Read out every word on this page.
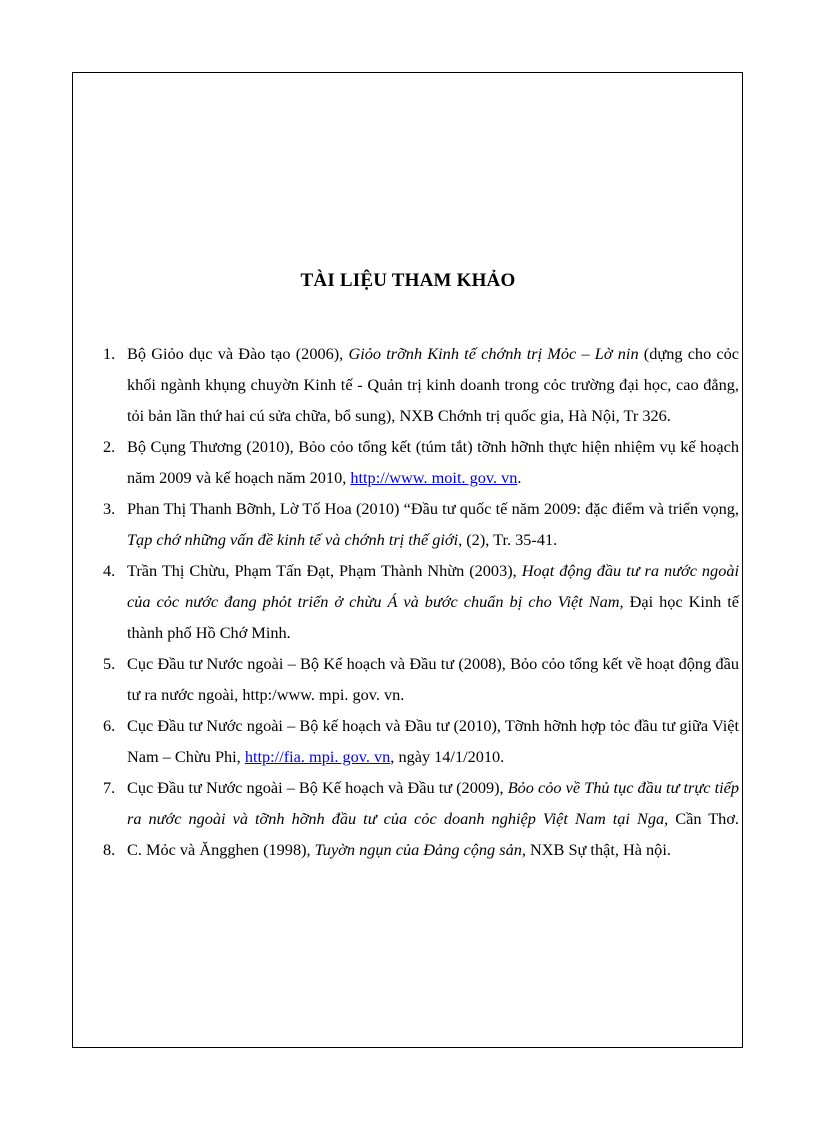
TÀI LIỆU THAM KHẢO
1. Bộ Giỏo dục và Đào tạo (2006), Giỏo trỡnh Kinh tế chớnh trị Mỏc – Lờ nin (dựng cho cỏc khối ngành khụng chuyờn Kinh tế - Quản trị kinh doanh trong cỏc trường đại học, cao đẳng, tỏi bản lần thứ hai cú sửa chữa, bổ sung), NXB Chớnh trị quốc gia, Hà Nội, Tr 326.
2. Bộ Cụng Thương (2010), Bỏo cỏo tổng kết (túm tắt) tỡnh hỡnh thực hiện nhiệm vụ kế hoạch năm 2009 và kế hoạch năm 2010, http://www. moit. gov. vn.
3. Phan Thị Thanh Bỡnh, Lờ Tố Hoa (2010) “Đầu tư quốc tế năm 2009: đặc điểm và triển vọng, Tạp chớ những vấn đề kinh tế và chớnh trị thế giới, (2), Tr. 35-41.
4. Trần Thị Chừu, Phạm Tấn Đạt, Phạm Thành Nhừn (2003), Hoạt động đầu tư ra nước ngoài của cỏc nước đang phỏt triển ở chừu Á và bước chuẩn bị cho Việt Nam, Đại học Kinh tế thành phố Hồ Chớ Minh.
5. Cục Đầu tư Nước ngoài – Bộ Kế hoạch và Đầu tư (2008), Bỏo cỏo tổng kết về hoạt động đầu tư ra nước ngoài, http:/www. mpi. gov. vn.
6. Cục Đầu tư Nước ngoài – Bộ kế hoạch và Đầu tư (2010), Tỡnh hỡnh hợp tỏc đầu tư giữa Việt Nam – Chừu Phi, http://fia. mpi. gov. vn, ngày 14/1/2010.
7. Cục Đầu tư Nước ngoài – Bộ Kế hoạch và Đầu tư (2009), Bỏo cỏo về Thủ tục đầu tư trực tiếp ra nước ngoài và tỡnh hỡnh đầu tư của cỏc doanh nghiệp Việt Nam tại Nga, Cần Thơ.
8. C. Mỏc và Ăngghen (1998), Tuyờn ngụn của Đảng cộng sản, NXB Sự thật, Hà nội.
